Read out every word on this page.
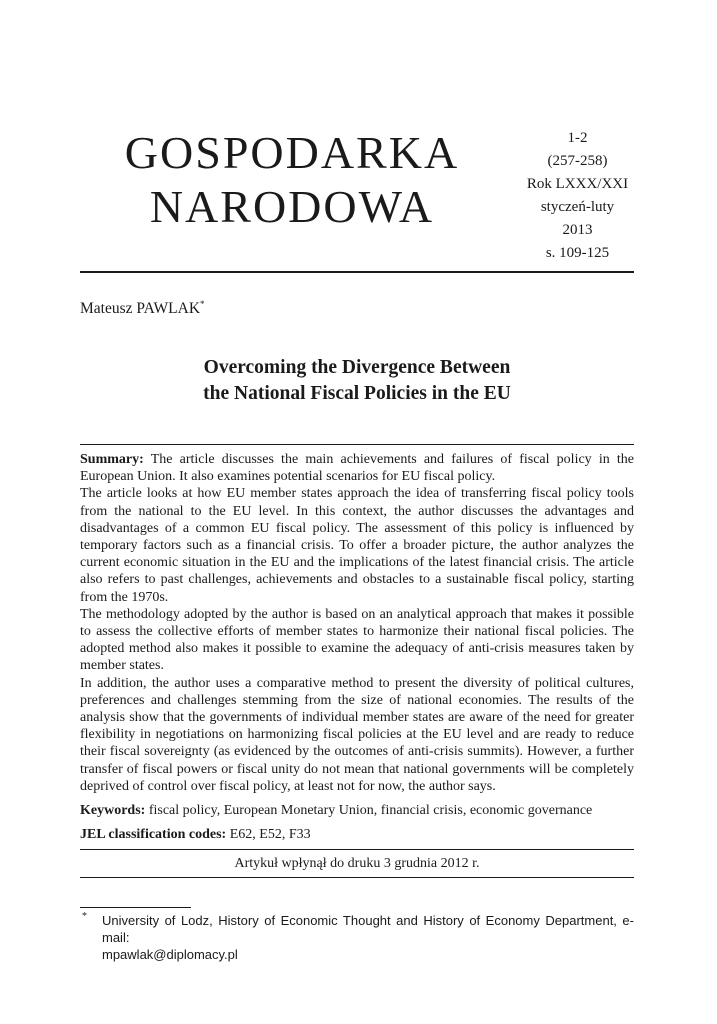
GOSPODARKA
NARODOWA
1-2
(257-258)
Rok LXXX/XXI
styczeń-luty
2013
s. 109-125
Mateusz PAWLAK*
Overcoming the Divergence Between
the National Fiscal Policies in the EU

Summary: The article discusses the main achievements and failures of fiscal policy in the European Union. It also examines potential scenarios for EU fiscal policy.

The article looks at how EU member states approach the idea of transferring fiscal policy tools from the national to the EU level. In this context, the author discusses the advantages and disadvantages of a common EU fiscal policy. The assessment of this policy is influenced by temporary factors such as a financial crisis. To offer a broader picture, the author analyzes the current economic situation in the EU and the implications of the latest financial crisis. The article also refers to past challenges, achievements and obstacles to a sustainable fiscal policy, starting from the 1970s.

The methodology adopted by the author is based on an analytical approach that makes it possible to assess the collective efforts of member states to harmonize their national fiscal policies. The adopted method also makes it possible to examine the adequacy of anti-crisis measures taken by member states.

In addition, the author uses a comparative method to present the diversity of political cultures, preferences and challenges stemming from the size of national economies. The results of the analysis show that the governments of individual member states are aware of the need for greater flexibility in negotiations on harmonizing fiscal policies at the EU level and are ready to reduce their fiscal sovereignty (as evidenced by the outcomes of anti-crisis summits). However, a further transfer of fiscal powers or fiscal unity do not mean that national governments will be completely deprived of control over fiscal policy, at least not for now, the author says.

Keywords: fiscal policy, European Monetary Union, financial crisis, economic governance
JEL classification codes: E62, E52, F33
Artykuł wpłynął do druku 3 grudnia 2012 r.
* University of Lodz, History of Economic Thought and History of Economy Department, e-mail:
mpawlak@diplomacy.pl
